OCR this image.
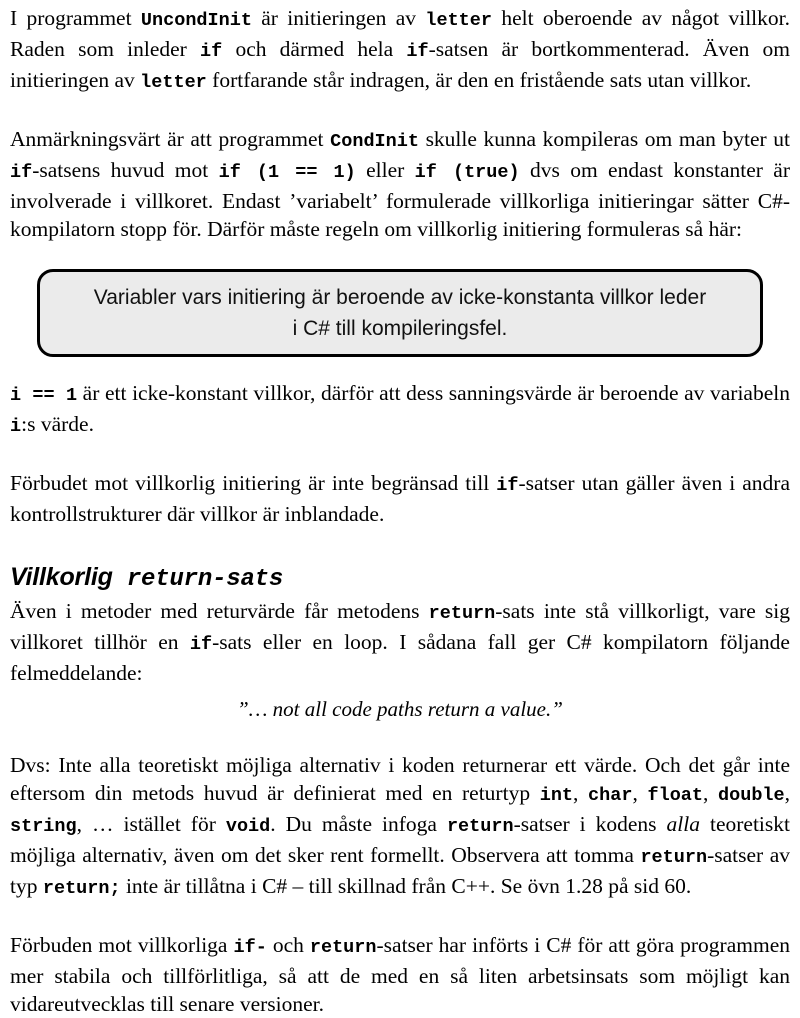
I programmet UncondInit är initieringen av letter helt oberoende av något villkor. Raden som inleder if och därmed hela if-satsen är bortkommenterad. Även om initieringen av letter fortfarande står indragen, är den en fristående sats utan villkor.

Anmärkningsvärt är att programmet CondInit skulle kunna kompileras om man byter ut if-satsens huvud mot if (1 == 1) eller if (true) dvs om endast konstanter är involverade i villkoret. Endast ’variabelt’ formulerade villkorliga initieringar sätter C#-kompilatorn stopp för. Därför måste regeln om villkorlig initiering formuleras så här:

Variabler vars initiering är beroende av icke-konstanta villkor leder
i C# till kompileringsfel.

i == 1 är ett icke-konstant villkor, därför att dess sanningsvärde är beroende av variabeln i:s värde.

Förbudet mot villkorlig initiering är inte begränsad till if-satser utan gäller även i andra kontrollstrukturer där villkor är inblandade.

Villkorlig return-sats

Även i metoder med returvärde får metodens return-sats inte stå villkorligt, vare sig villkoret tillhör en if-sats eller en loop. I sådana fall ger C# kompilatorn följande felmeddelande:

”… not all code paths return a value.”

Dvs: Inte alla teoretiskt möjliga alternativ i koden returnerar ett värde. Och det går inte eftersom din metods huvud är definierat med en returtyp int, char, float, double, string, … istället för void. Du måste infoga return-satser i kodens alla teoretiskt möjliga alternativ, även om det sker rent formellt. Observera att tomma return-satser av typ return; inte är tillåtna i C# – till skillnad från C++. Se övn 1.28 på sid 60.

Förbuden mot villkorliga if- och return-satser har införts i C# för att göra programmen mer stabila och tillförlitliga, så att de med en så liten arbetsinsats som möjligt kan vidareutvecklas till senare versioner.
